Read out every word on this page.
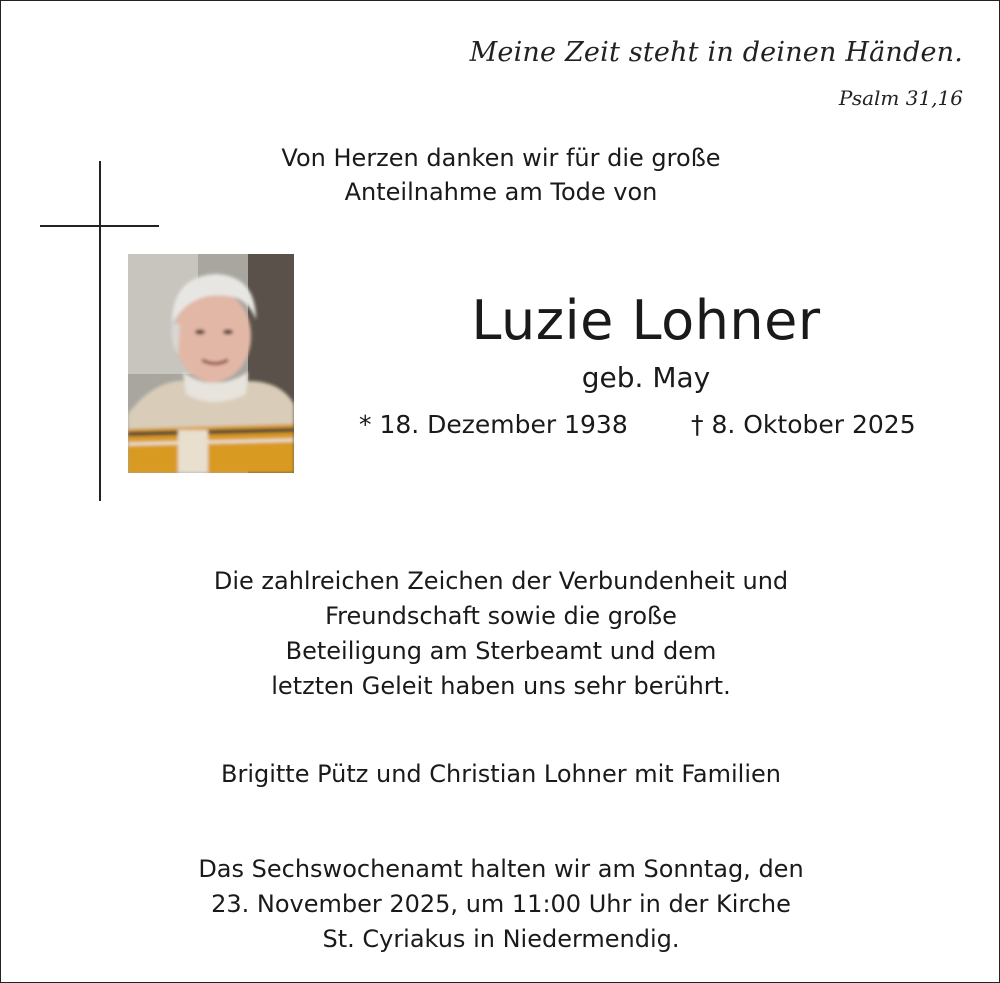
Meine Zeit steht in deinen Händen.
Psalm 31,16
Von Herzen danken wir für die große
Anteilnahme am Tode von
Luzie Lohner
geb. May
* 18. Dezember 1938	† 8. Oktober 2025
Die zahlreichen Zeichen der Verbundenheit und
Freundschaft sowie die große
Beteiligung am Sterbeamt und dem
letzten Geleit haben uns sehr berührt.
Brigitte Pütz und Christian Lohner mit Familien
Das Sechswochenamt halten wir am Sonntag, den
23. November 2025, um 11:00 Uhr in der Kirche
St. Cyriakus in Niedermendig.
